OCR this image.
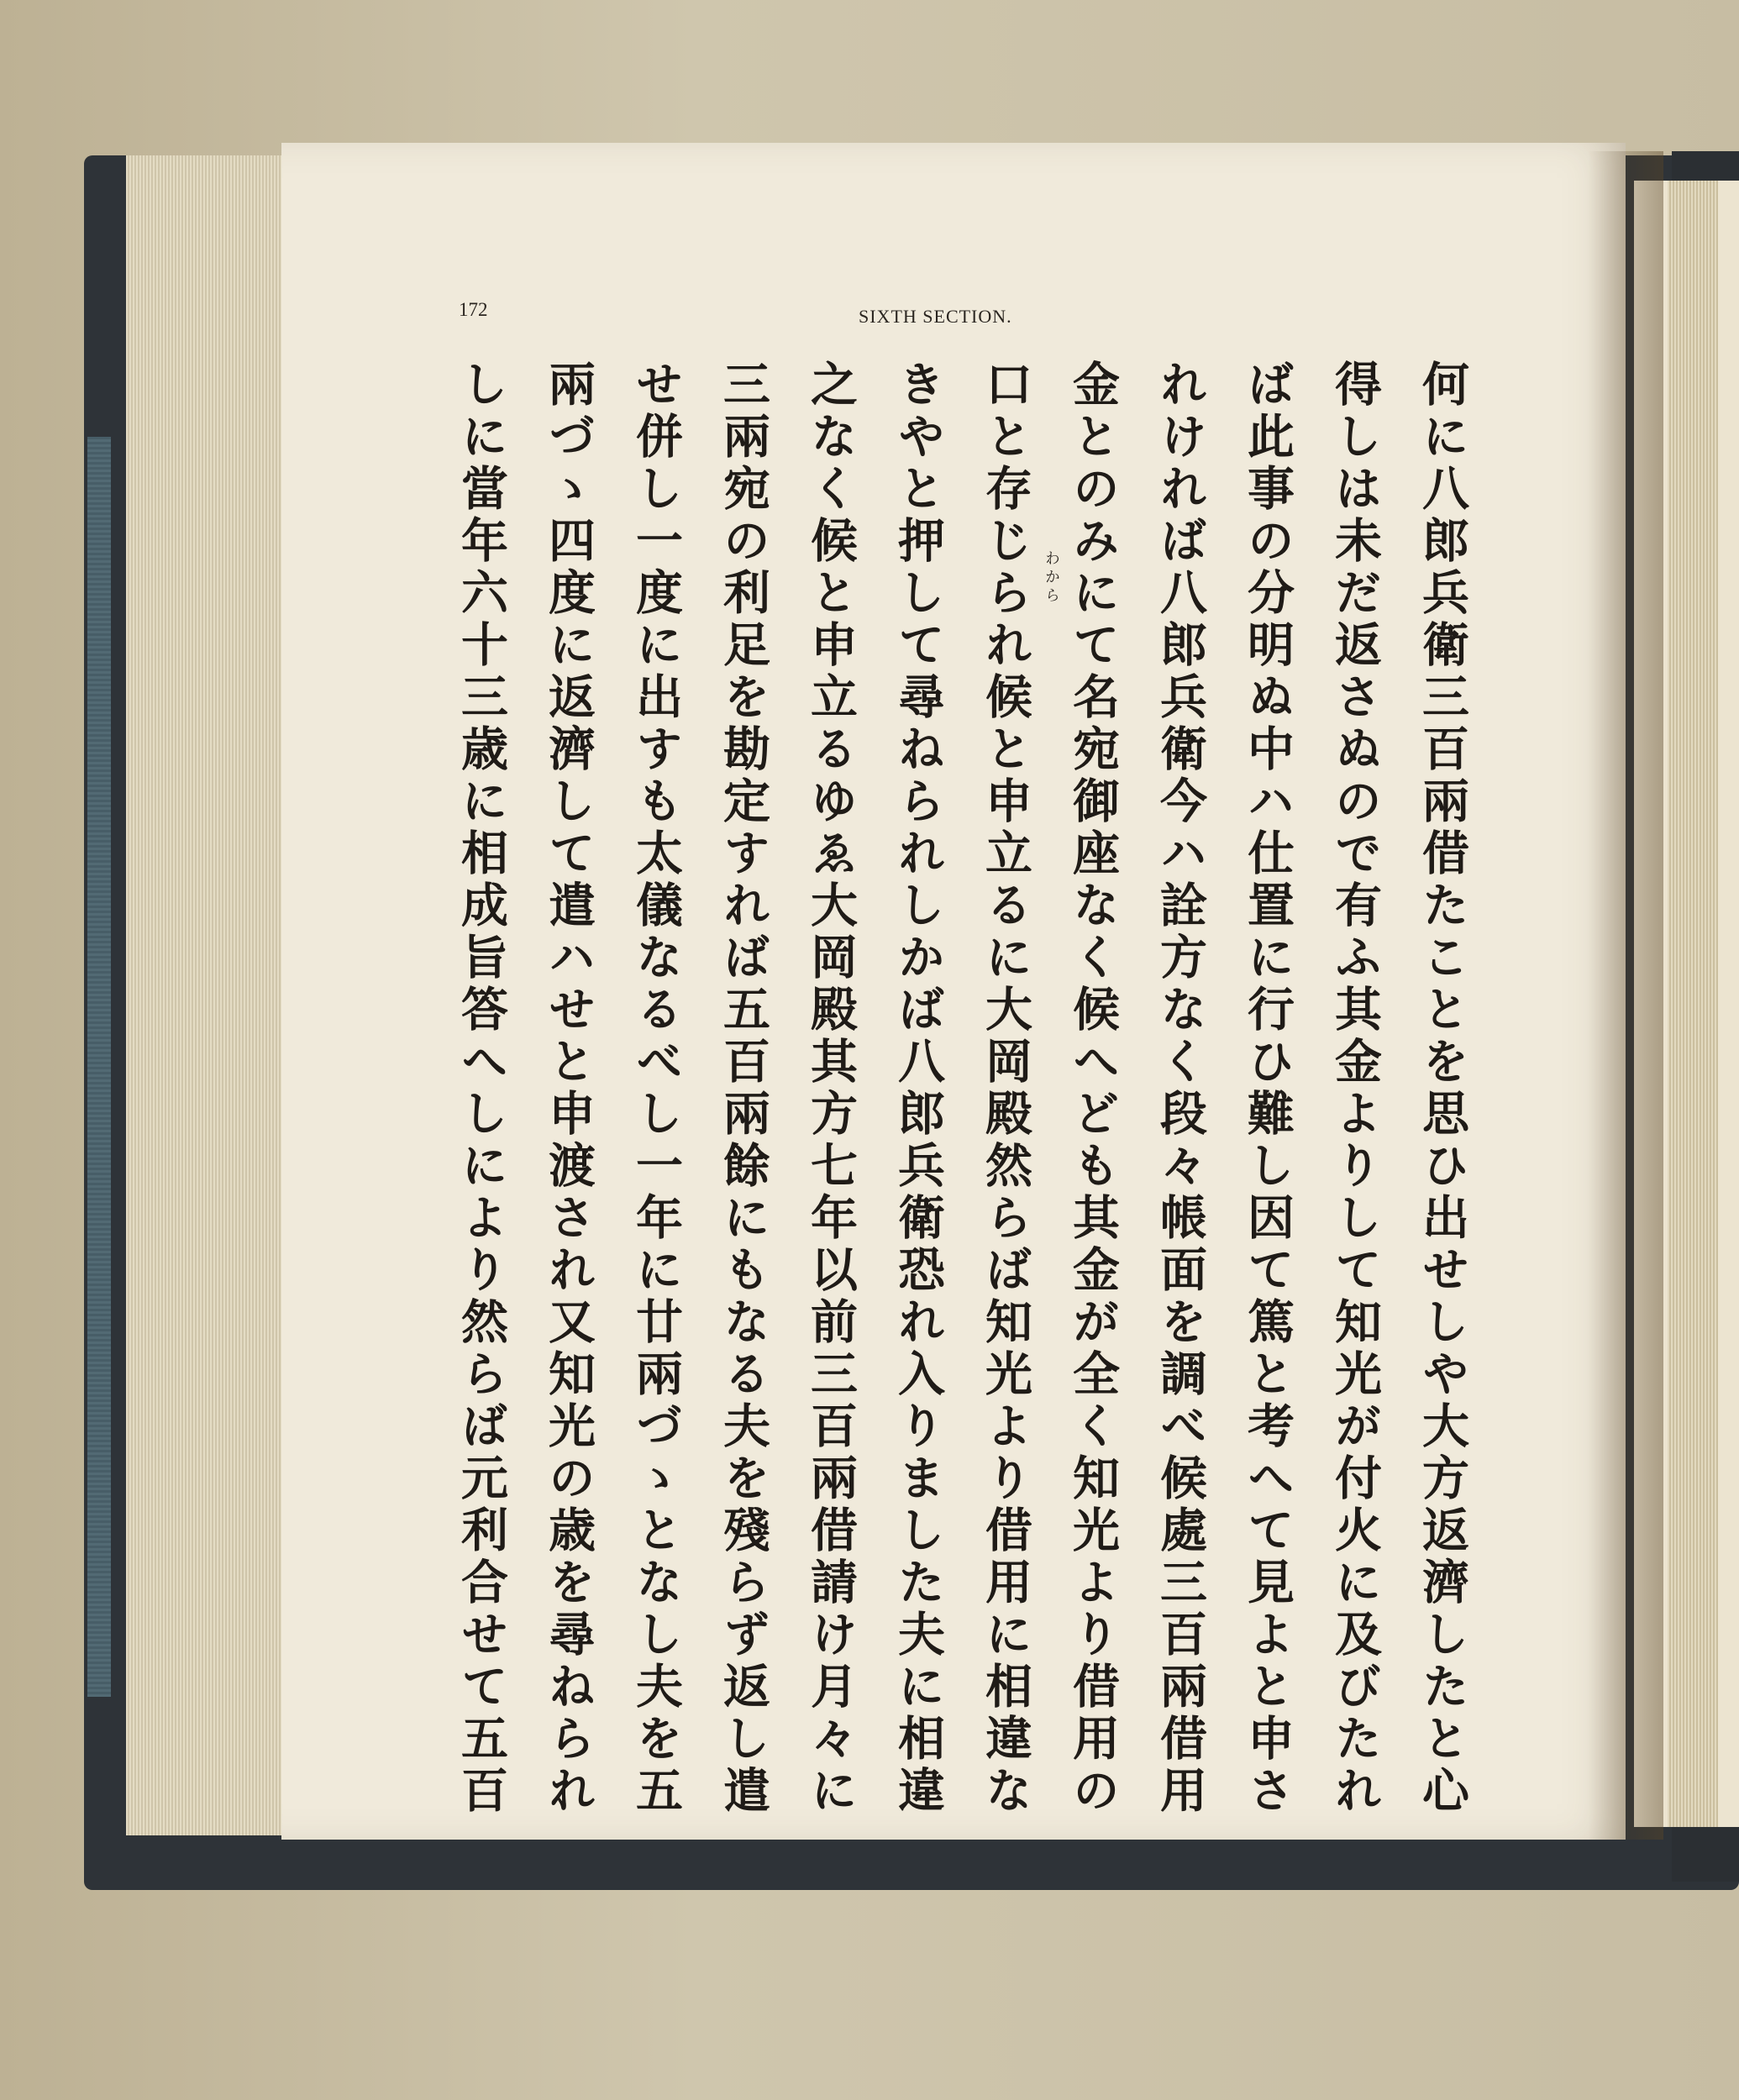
172	SIXTH SECTION.
わから	何に八郎兵衛三百兩借たことを思ひ出せしや大方返濟したと心
得しは未だ返さぬので有ふ其金よりして知光が付火に及びたれ
ば此事の分明ぬ中ハ仕置に行ひ難し因て篤と考へて見よと申さ
れければ八郎兵衛今ハ詮方なく段々帳面を調べ候處三百兩借用
金とのみにて名宛御座なく候へども其金が全く知光より借用の
口と存じられ候と申立るに大岡殿然らば知光より借用に相違な
きやと押して尋ねられしかば八郎兵衛恐れ入りました夫に相違
之なく候と申立るゆゑ大岡殿其方七年以前三百兩借請け月々に
三兩宛の利足を勘定すれば五百兩餘にもなる夫を殘らず返し遣
せ併し一度に出すも太儀なるべし一年に廿兩づゝとなし夫を五
兩づゝ四度に返濟して遣ハせと申渡され又知光の歳を尋ねられ
しに當年六十三歳に相成旨答へしにより然らば元利合せて五百
